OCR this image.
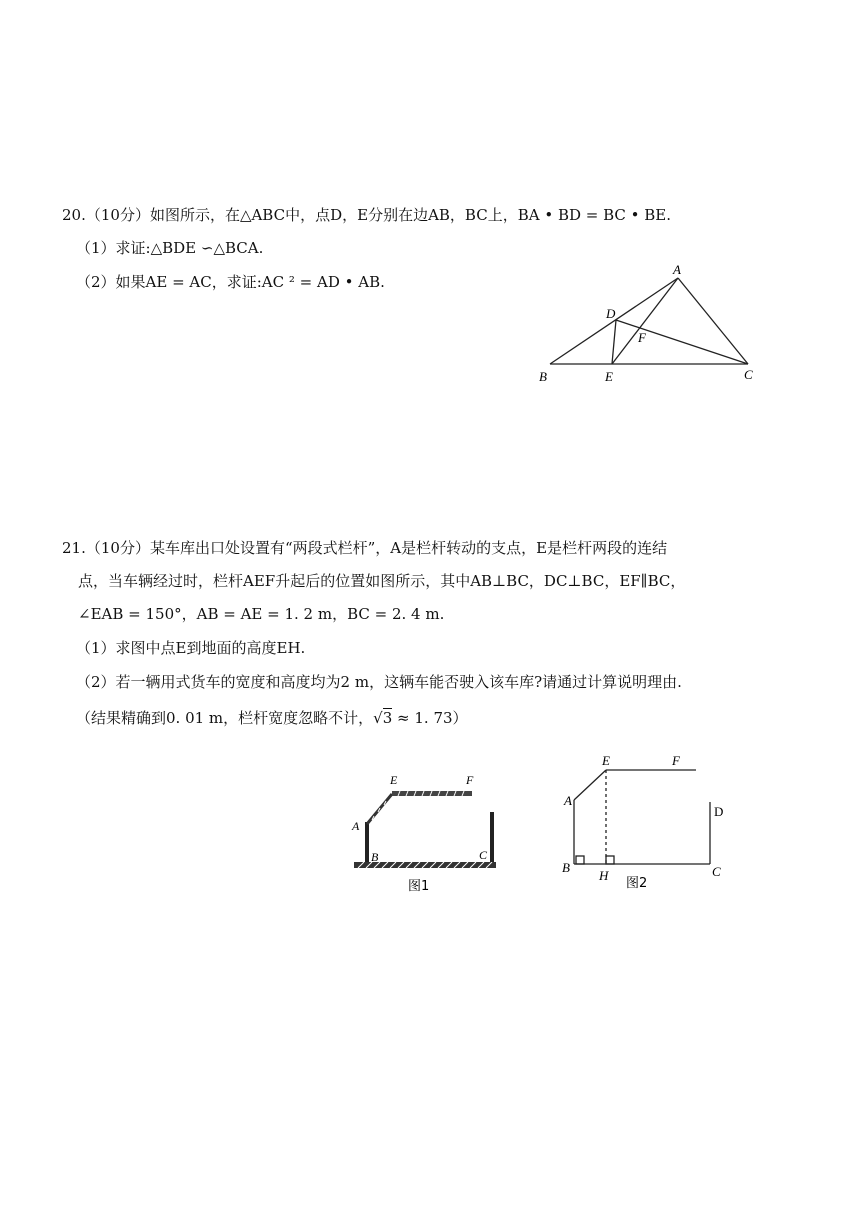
20.（10分）如图所示，在△ABC中，点D，E分别在边AB，BC上，BA • BD = BC • BE.
（1）求证:△BDE ∽△BCA.
（2）如果AE = AC，求证:AC ² = AD • AB.
A
D
F
B	E	C
21.（10分）某车库出口处设置有“两段式栏杆”，A是栏杆转动的支点，E是栏杆两段的连结
点，当车辆经过时，栏杆AEF升起后的位置如图所示，其中AB⊥BC，DC⊥BC，EF∥BC，
∠EAB = 150°，AB = AE = 1. 2 m，BC = 2. 4 m.
（1）求图中点E到地面的高度EH.
（2）若一辆用式货车的宽度和高度均为2 m，这辆车能否驶入该车库?请通过计算说明理由.
（结果精确到0. 01 m，栏杆宽度忽略不计，√3 ≈ 1. 73）
E	F
A
B	C
图1
E	F
A
D
B
H	C
图2
